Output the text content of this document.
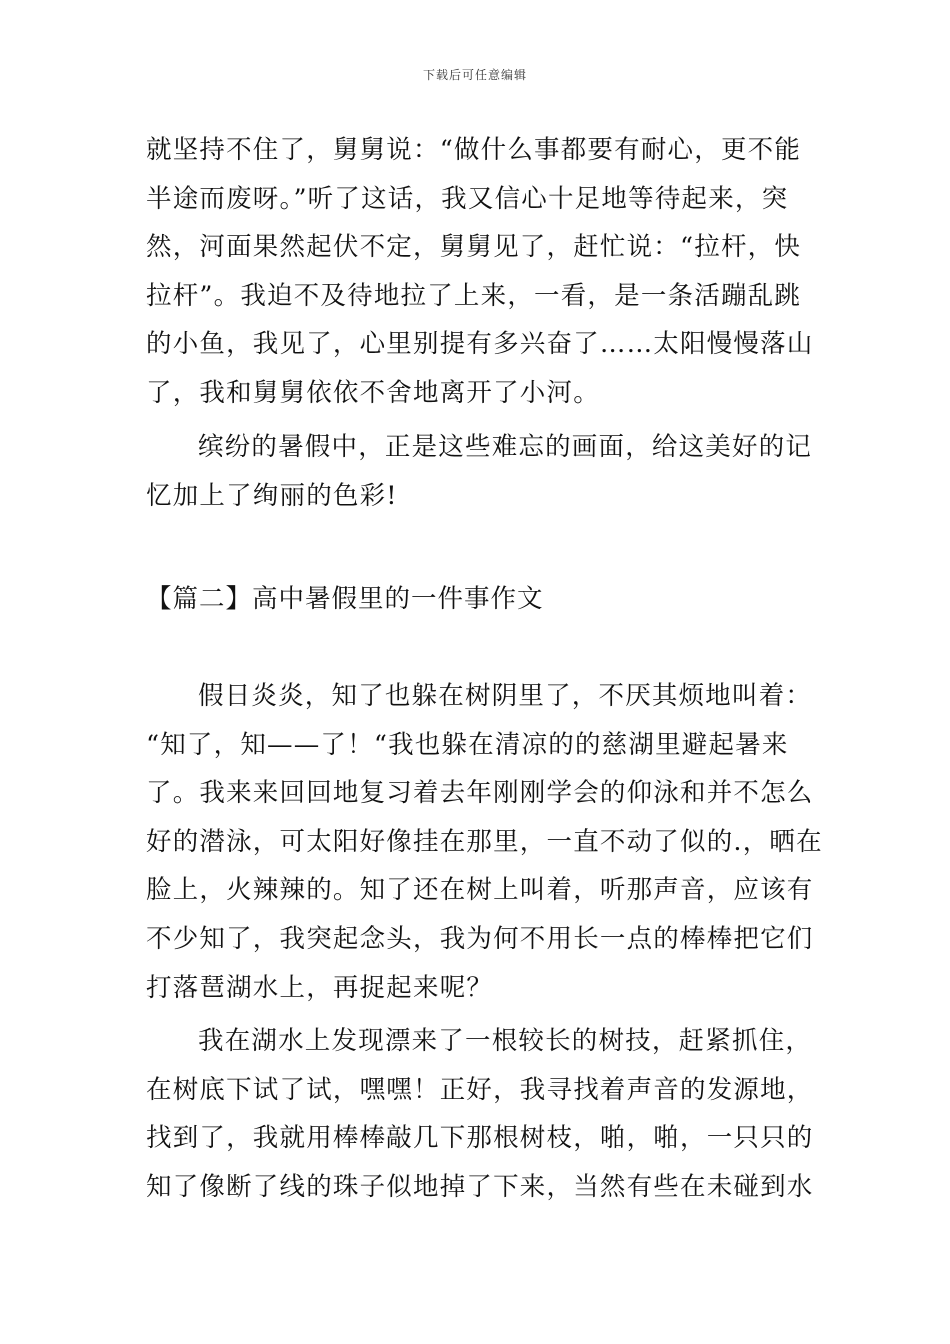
下载后可任意编辑
就坚持不住了，舅舅说：“做什么事都要有耐心，更不能
半途而废呀。”听了这话，我又信心十足地等待起来，突
然，河面果然起伏不定，舅舅见了，赶忙说：“拉杆，快
拉杆”。我迫不及待地拉了上来，一看，是一条活蹦乱跳
的小鱼，我见了，心里别提有多兴奋了……太阳慢慢落山
了，我和舅舅依依不舍地离开了小河。
缤纷的暑假中，正是这些难忘的画面，给这美好的记
忆加上了绚丽的色彩!
【篇二】高中暑假里的一件事作文
假日炎炎，知了也躲在树阴里了，不厌其烦地叫着：
“知了，知——了！“我也躲在清凉的的慈湖里避起暑来
了。我来来回回地复习着去年刚刚学会的仰泳和并不怎么
好的潜泳，可太阳好像挂在那里，一直不动了似的.，晒在
脸上，火辣辣的。知了还在树上叫着，听那声音，应该有
不少知了，我突起念头，我为何不用长一点的棒棒把它们
打落琶湖水上，再捉起来呢？
我在湖水上发现漂来了一根较长的树技，赶紧抓住，
在树底下试了试，嘿嘿！正好，我寻找着声音的发源地，
找到了，我就用棒棒敲几下那根树枝，啪，啪，一只只的
知了像断了线的珠子似地掉了下来，当然有些在未碰到水
